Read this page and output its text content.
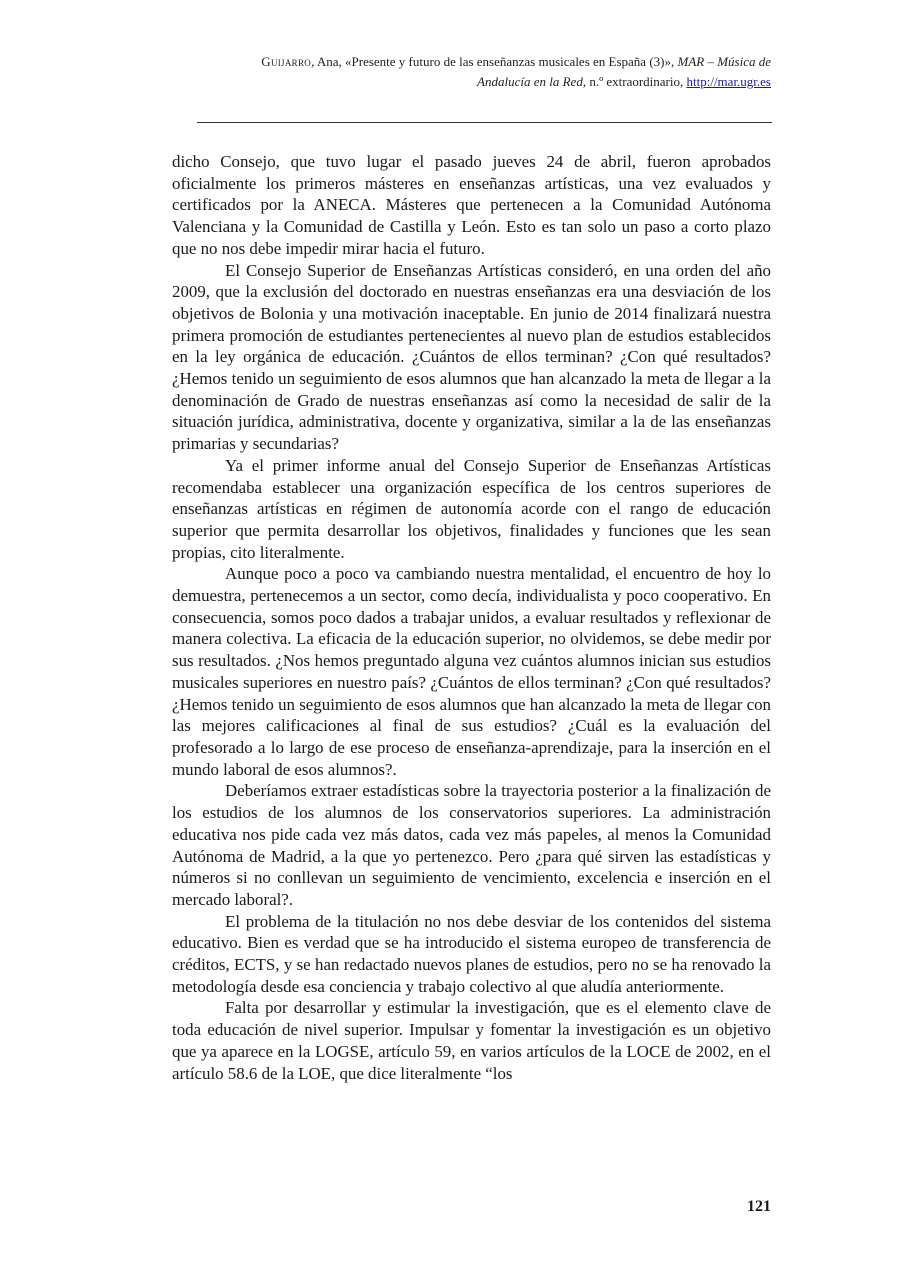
Guijarro, Ana, «Presente y futuro de las enseñanzas musicales en España (3)», MAR – Música de
Andalucía en la Red, n.º extraordinario, http://mar.ugr.es

dicho Consejo, que tuvo lugar el pasado jueves 24 de abril, fueron aprobados oficialmente los primeros másteres en enseñanzas artísticas, una vez evaluados y certificados por la ANECA. Másteres que pertenecen a la Comunidad Autónoma Valenciana y la Comunidad de Castilla y León. Esto es tan solo un paso a corto plazo que no nos debe impedir mirar hacia el futuro.

El Consejo Superior de Enseñanzas Artísticas consideró, en una orden del año 2009, que la exclusión del doctorado en nuestras enseñanzas era una desviación de los objetivos de Bolonia y una motivación inaceptable. En junio de 2014 finalizará nuestra primera promoción de estudiantes pertenecientes al nuevo plan de estudios establecidos en la ley orgánica de educación. ¿Cuántos de ellos terminan? ¿Con qué resultados? ¿Hemos tenido un seguimiento de esos alumnos que han alcanzado la meta de llegar a la denominación de Grado de nuestras enseñanzas así como la necesidad de salir de la situación jurídica, administrativa, docente y organizativa, similar a la de las enseñanzas primarias y secundarias?

Ya el primer informe anual del Consejo Superior de Enseñanzas Artísticas recomendaba establecer una organización específica de los centros superiores de enseñanzas artísticas en régimen de autonomía acorde con el rango de educación superior que permita desarrollar los objetivos, finalidades y funciones que les sean propias, cito literalmente.

Aunque poco a poco va cambiando nuestra mentalidad, el encuentro de hoy lo demuestra, pertenecemos a un sector, como decía, individualista y poco cooperativo. En consecuencia, somos poco dados a trabajar unidos, a evaluar resultados y reflexionar de manera colectiva. La eficacia de la educación superior, no olvidemos, se debe medir por sus resultados. ¿Nos hemos preguntado alguna vez cuántos alumnos inician sus estudios musicales superiores en nuestro país? ¿Cuántos de ellos terminan? ¿Con qué resultados? ¿Hemos tenido un seguimiento de esos alumnos que han alcanzado la meta de llegar con las mejores calificaciones al final de sus estudios? ¿Cuál es la evaluación del profesorado a lo largo de ese proceso de enseñanza-aprendizaje, para la inserción en el mundo laboral de esos alumnos?.

Deberíamos extraer estadísticas sobre la trayectoria posterior a la finalización de los estudios de los alumnos de los conservatorios superiores. La administración educativa nos pide cada vez más datos, cada vez más papeles, al menos la Comunidad Autónoma de Madrid, a la que yo pertenezco. Pero ¿para qué sirven las estadísticas y números si no conllevan un seguimiento de vencimiento, excelencia e inserción en el mercado laboral?.

El problema de la titulación no nos debe desviar de los contenidos del sistema educativo. Bien es verdad que se ha introducido el sistema europeo de transferencia de créditos, ECTS, y se han redactado nuevos planes de estudios, pero no se ha renovado la metodología desde esa conciencia y trabajo colectivo al que aludía anteriormente.

Falta por desarrollar y estimular la investigación, que es el elemento clave de toda educación de nivel superior. Impulsar y fomentar la investigación es un objetivo que ya aparece en la LOGSE, artículo 59, en varios artículos de la LOCE de 2002, en el artículo 58.6 de la LOE, que dice literalmente “los

121
